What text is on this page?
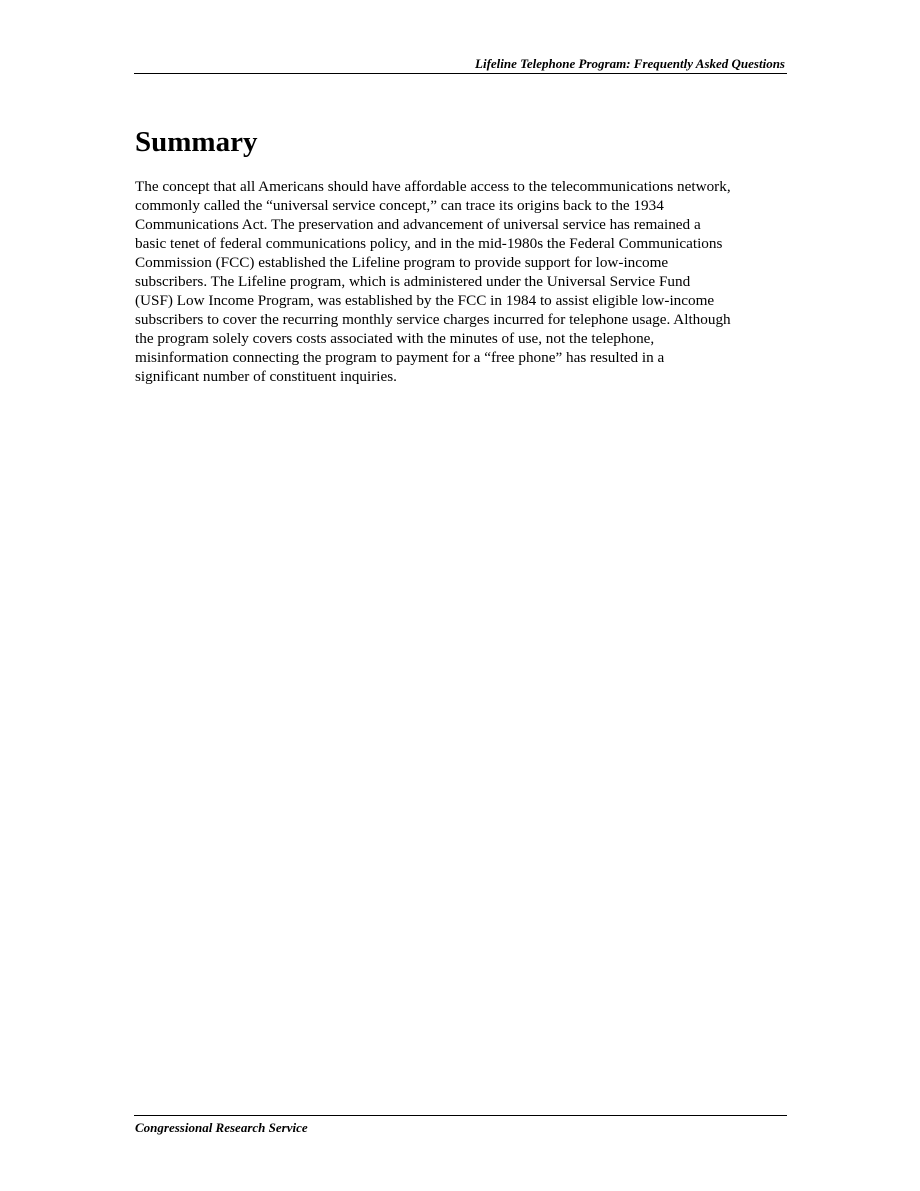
Lifeline Telephone Program: Frequently Asked Questions
Summary

The concept that all Americans should have affordable access to the telecommunications network,
commonly called the “universal service concept,” can trace its origins back to the 1934
Communications Act. The preservation and advancement of universal service has remained a
basic tenet of federal communications policy, and in the mid-1980s the Federal Communications
Commission (FCC) established the Lifeline program to provide support for low-income
subscribers. The Lifeline program, which is administered under the Universal Service Fund
(USF) Low Income Program, was established by the FCC in 1984 to assist eligible low-income
subscribers to cover the recurring monthly service charges incurred for telephone usage. Although
the program solely covers costs associated with the minutes of use, not the telephone,
misinformation connecting the program to payment for a “free phone” has resulted in a
significant number of constituent inquiries.

Congressional Research Service
